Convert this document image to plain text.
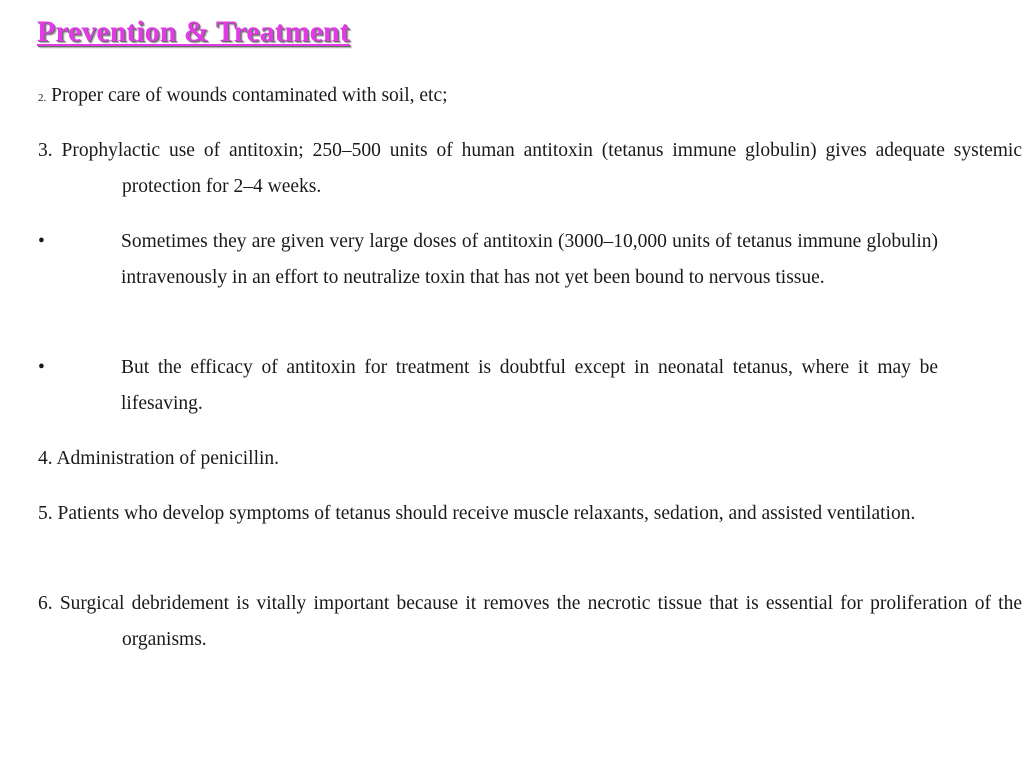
Prevention & Treatment
2. Proper care of wounds contaminated with soil, etc;
3. Prophylactic use of antitoxin; 250–500 units of human antitoxin (tetanus immune globulin) gives adequate systemic protection for 2–4 weeks.
•	Sometimes they are given very large doses of antitoxin (3000–10,000 units of tetanus immune globulin) intravenously in an effort to neutralize toxin that has not yet been bound to nervous tissue.
•	But the efficacy of antitoxin for treatment is doubtful except in neonatal tetanus, where it may be lifesaving.
4. Administration of penicillin.
5. Patients who develop symptoms of tetanus should receive muscle relaxants, sedation, and assisted ventilation.
6. Surgical debridement is vitally important because it removes the necrotic tissue that is essential for proliferation of the organisms.
